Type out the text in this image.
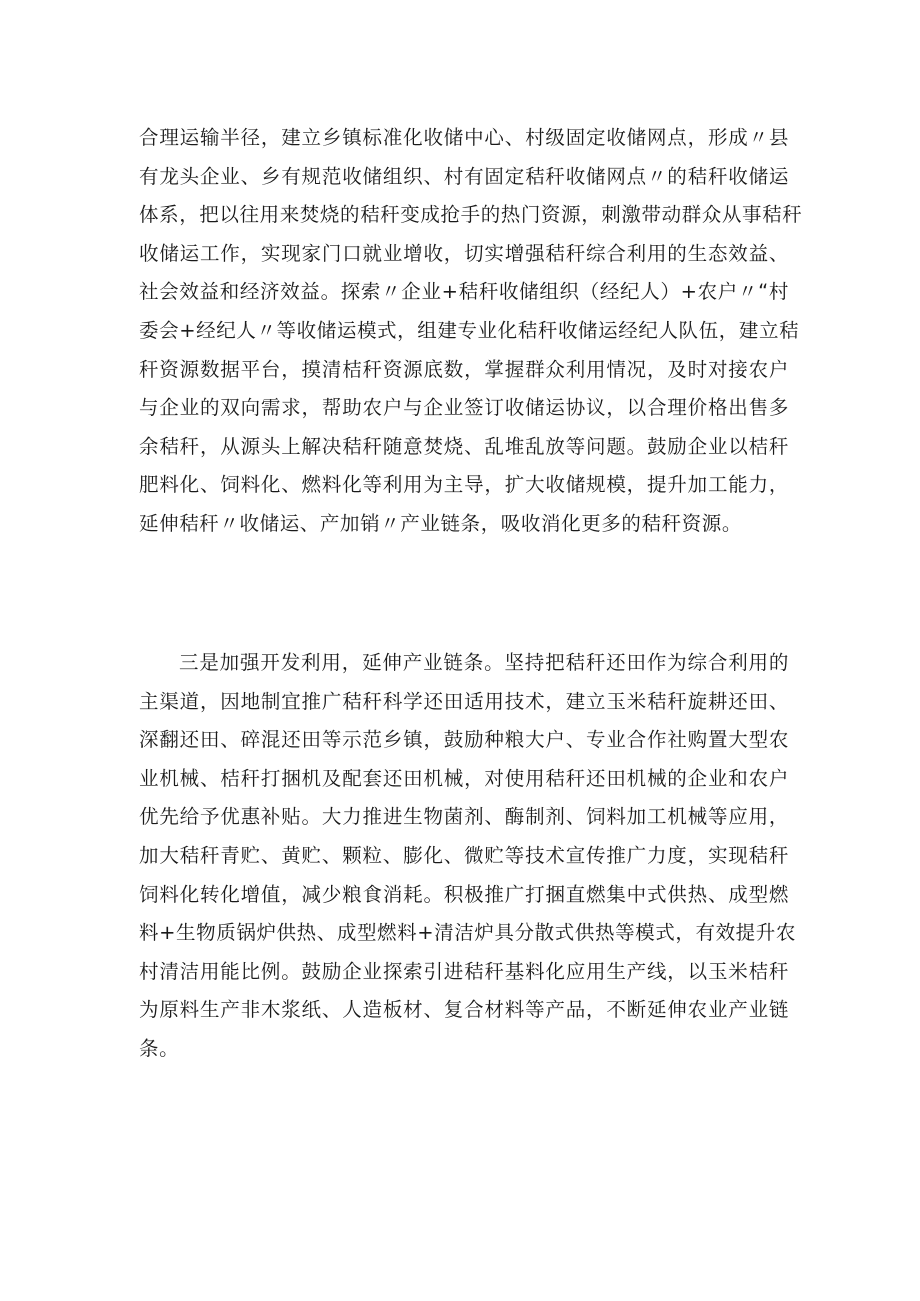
合理运输半径，建立乡镇标准化收储中心、村级固定收储网点，形成〃县
有龙头企业、乡有规范收储组织、村有固定秸秆收储网点〃的秸秆收储运
体系，把以往用来焚烧的秸秆变成抢手的热门资源，刺激带动群众从事秸秆
收储运工作，实现家门口就业增收，切实增强秸秆综合利用的生态效益、
社会效益和经济效益。探索〃企业+秸秆收储组织（经纪人）+农户〃“村
委会+经纪人〃等收储运模式，组建专业化秸秆收储运经纪人队伍，建立秸
秆资源数据平台，摸清桔秆资源底数，掌握群众利用情况，及时对接农户
与企业的双向需求，帮助农户与企业签订收储运协议，以合理价格出售多
余秸秆，从源头上解决秸秆随意焚烧、乱堆乱放等问题。鼓励企业以桔秆
肥料化、饲料化、燃料化等利用为主导，扩大收储规模，提升加工能力，
延伸秸秆〃收储运、产加销〃产业链条，吸收消化更多的秸秆资源。
三是加强开发利用，延伸产业链条。坚持把秸秆还田作为综合利用的
主渠道，因地制宜推广秸秆科学还田适用技术，建立玉米秸秆旋耕还田、
深翻还田、碎混还田等示范乡镇，鼓励种粮大户、专业合作社购置大型农
业机械、桔秆打捆机及配套还田机械，对使用秸秆还田机械的企业和农户
优先给予优惠补贴。大力推进生物菌剂、酶制剂、饲料加工机械等应用，
加大秸秆青贮、黄贮、颗粒、膨化、微贮等技术宣传推广力度，实现秸秆
饲料化转化增值，减少粮食消耗。积极推广打捆直燃集中式供热、成型燃
料+生物质锅炉供热、成型燃料+清洁炉具分散式供热等模式，有效提升农
村清洁用能比例。鼓励企业探索引进秸秆基料化应用生产线，以玉米桔秆
为原料生产非木浆纸、人造板材、复合材料等产品，不断延伸农业产业链
条。
